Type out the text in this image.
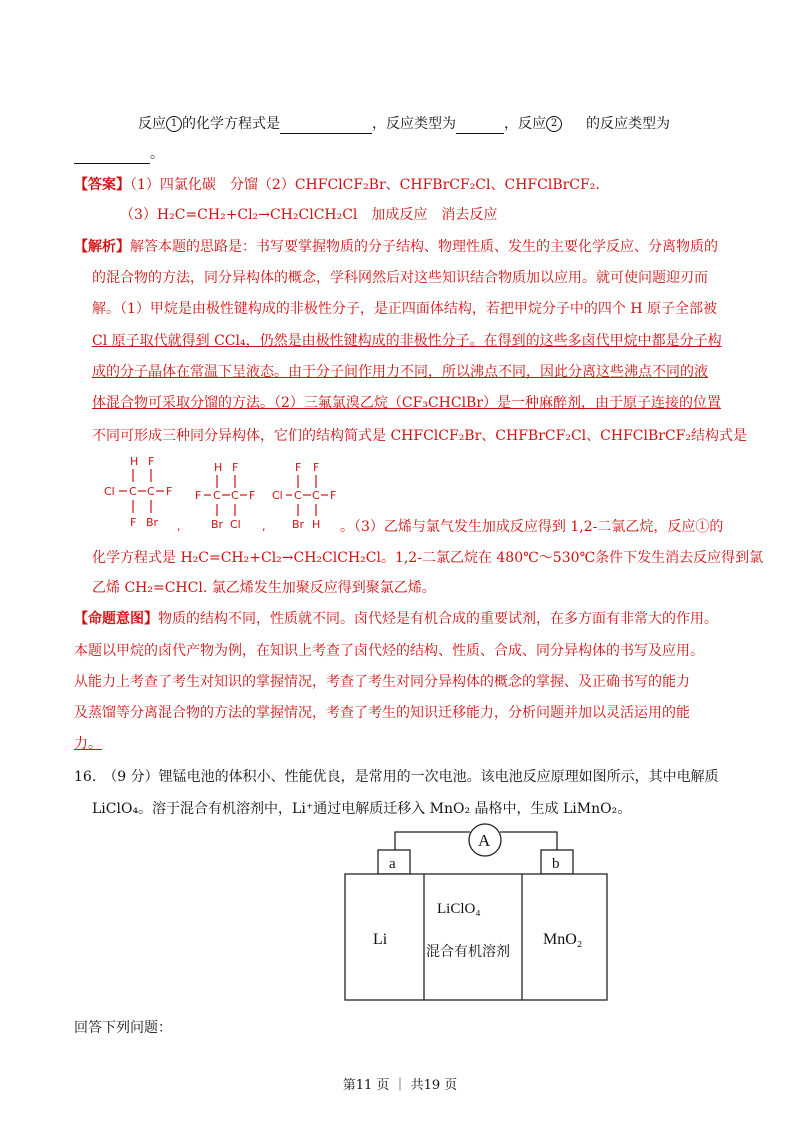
反应 1 的化学方程式是	，反应类型为	，反应 2 的反应类型为
。
【答案】（1）四氯化碳　分馏（2）CHFClCF₂Br、CHFBrCF₂Cl、CHFClBrCF₂.
（3）H₂C=CH₂+Cl₂→CH₂ClCH₂Cl　加成反应　消去反应
【解析】解答本题的思路是：书写要掌握物质的分子结构、物理性质、发生的主要化学反应、分离物质的
的混合物的方法，同分异构体的概念，学科网然后对这些知识结合物质加以应用。就可使问题迎刃而
解。（1）甲烷是由极性键构成的非极性分子，是正四面体结构，若把甲烷分子中的四个 H 原子全部被
Cl 原子取代就得到 CCl₄，仍然是由极性键构成的非极性分子。在得到的这些多卤代甲烷中都是分子构
成的分子晶体在常温下呈液态。由于分子间作用力不同，所以沸点不同，因此分离这些沸点不同的液
体混合物可采取分馏的方法。（2）三氟氯溴乙烷（CF₃CHClBr）是一种麻醉剂，由于原子连接的位置
不同可形成三种同分异构体，它们的结构简式是 CHFClCF₂Br、CHFBrCF₂Cl、CHFClBrCF₂结构式是
H F
Cl C C F
F Br ,
H F
F C C F
Br Cl ,
F F
Cl C C F
Br H 。（3）乙烯与氯气发生加成反应得到 1,2-二氯乙烷，反应①的
化学方程式是 H₂C=CH₂+Cl₂→CH₂ClCH₂Cl。1,2-二氯乙烷在 480℃～530℃条件下发生消去反应得到氯
乙烯 CH₂=CHCl. 氯乙烯发生加聚反应得到聚氯乙烯。
【命题意图】物质的结构不同，性质就不同。卤代烃是有机合成的重要试剂，在多方面有非常大的作用。
本题以甲烷的卤代产物为例，在知识上考查了卤代烃的结构、性质、合成、同分异构体的书写及应用。
从能力上考查了考生对知识的掌握情况，考查了考生对同分异构体的概念的掌握、及正确书写的能力
及蒸馏等分离混合物的方法的掌握情况，考查了考生的知识迁移能力，分析问题并加以灵活运用的能
力。
16.　（9 分）锂锰电池的体积小、性能优良，是常用的一次电池。该电池反应原理如图所示，其中电解质
LiClO₄。溶于混合有机溶剂中，Li⁺通过电解质迁移入 MnO₂ 晶格中，生成 LiMnO₂。
A
a	b
Li
LiClO₄
混合有机溶剂
MnO₂
回答下列问题：
第11 页 ｜ 共19 页
